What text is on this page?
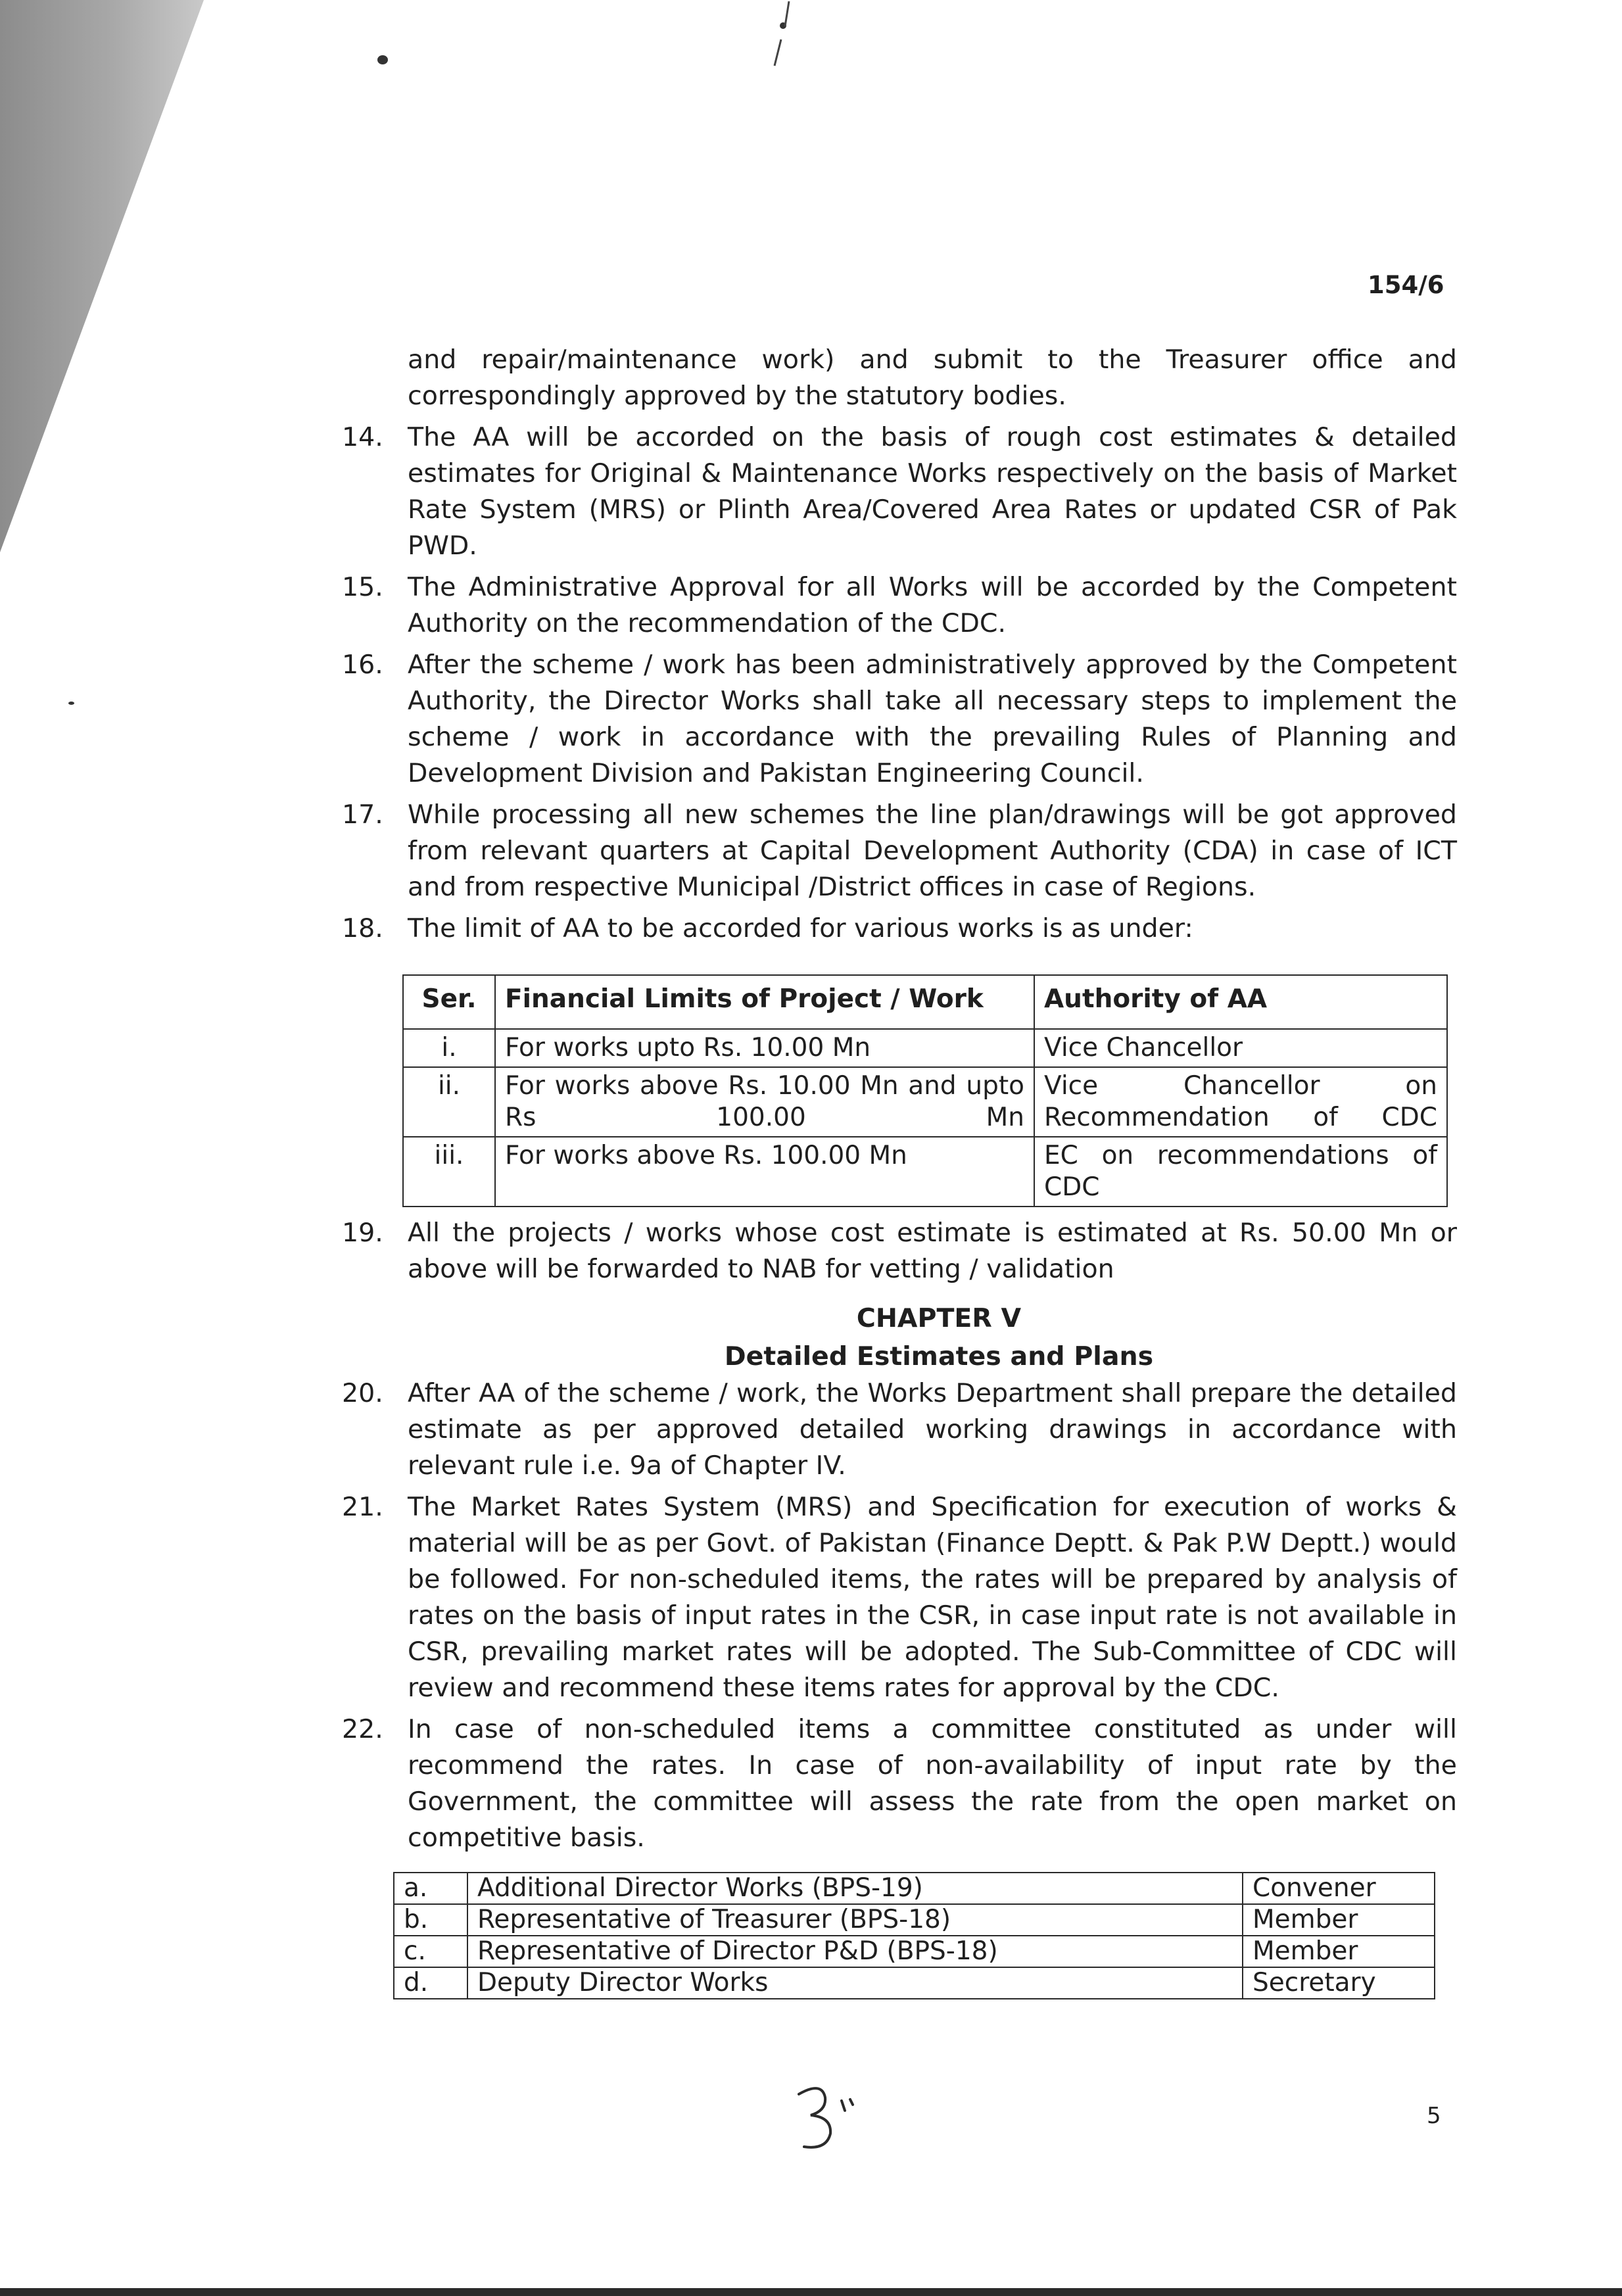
154/6

and repair/maintenance work) and submit to the Treasurer office and correspondingly approved by the statutory bodies.

14. The AA will be accorded on the basis of rough cost estimates & detailed estimates for Original & Maintenance Works respectively on the basis of Market Rate System (MRS) or Plinth Area/Covered Area Rates or updated CSR of Pak PWD.
15. The Administrative Approval for all Works will be accorded by the Competent Authority on the recommendation of the CDC.
16. After the scheme / work has been administratively approved by the Competent Authority, the Director Works shall take all necessary steps to implement the scheme / work in accordance with the prevailing Rules of Planning and Development Division and Pakistan Engineering Council.
17. While processing all new schemes the line plan/drawings will be got approved from relevant quarters at Capital Development Authority (CDA) in case of ICT and from respective Municipal /District offices in case of Regions.
18. The limit of AA to be accorded for various works is as under:
Ser.	Financial Limits of Project / Work	Authority of AA
i.	For works upto Rs. 10.00 Mn	Vice Chancellor
ii.	For works above Rs. 10.00 Mn and upto Rs 100.00 Mn	Vice Chancellor on Recommendation of CDC
iii.	For works above Rs. 100.00 Mn	EC on recommendations of CDC
19. All the projects / works whose cost estimate is estimated at Rs. 50.00 Mn or above will be forwarded to NAB for vetting / validation
CHAPTER V
Detailed Estimates and Plans
20. After AA of the scheme / work, the Works Department shall prepare the detailed estimate as per approved detailed working drawings in accordance with relevant rule i.e. 9a of Chapter IV.
21. The Market Rates System (MRS) and Specification for execution of works & material will be as per Govt. of Pakistan (Finance Deptt. & Pak P.W Deptt.) would be followed. For non-scheduled items, the rates will be prepared by analysis of rates on the basis of input rates in the CSR, in case input rate is not available in CSR, prevailing market rates will be adopted. The Sub-Committee of CDC will review and recommend these items rates for approval by the CDC.
22. In case of non-scheduled items a committee constituted as under will recommend the rates. In case of non-availability of input rate by the Government, the committee will assess the rate from the open market on competitive basis.
a.	Additional Director Works (BPS-19)	Convener
b.	Representative of Treasurer (BPS-18)	Member
c.	Representative of Director P&D (BPS-18)	Member
d.	Deputy Director Works	Secretary
5
